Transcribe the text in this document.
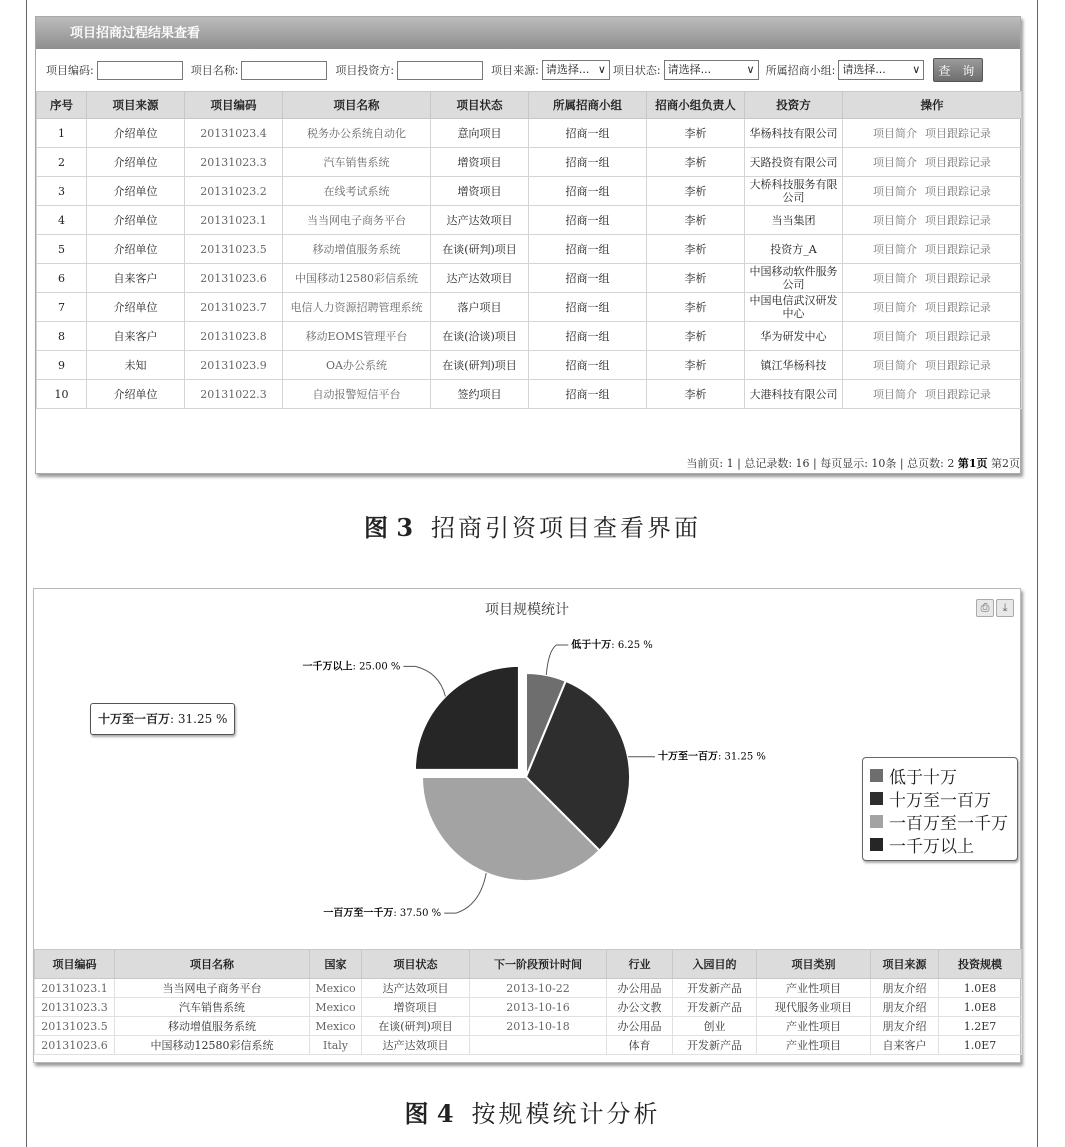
项目招商过程结果查看
项目编码:	项目名称:	项目投资方:	项目来源: 请选择... ∨ 项目状态: 请选择...	∨ 所属招商小组: 请选择... ∨	查 询
序号	项目来源	项目编码	项目名称	项目状态	所属招商小组	招商小组负责人	投资方	操作
1	介绍单位	20131023.4	税务办公系统自动化	意向项目	招商一组	李析	华杨科技有限公司	项目简介 项目跟踪记录
2	介绍单位	20131023.3	汽车销售系统	增资项目	招商一组	李析	天路投资有限公司	项目简介 项目跟踪记录
3	介绍单位	20131023.2	在线考试系统	增资项目	招商一组	李析	大桥科技服务有限公司	项目简介 项目跟踪记录
4	介绍单位	20131023.1	当当网电子商务平台	达产达效项目	招商一组	李析	当当集团	项目简介 项目跟踪记录
5	介绍单位	20131023.5	移动增值服务系统	在谈(研判)项目	招商一组	李析	投资方_A	项目简介 项目跟踪记录
6	自来客户	20131023.6	中国移动12580彩信系统	达产达效项目	招商一组	李析	中国移动软件服务公司	项目简介 项目跟踪记录
7	介绍单位	20131023.7	电信人力资源招聘管理系统	落户项目	招商一组	李析	中国电信武汉研发中心	项目简介 项目跟踪记录
8	自来客户	20131023.8	移动EOMS管理平台	在谈(洽谈)项目	招商一组	李析	华为研发中心	项目简介 项目跟踪记录
9	未知	20131023.9	OA办公系统	在谈(研判)项目	招商一组	李析	镇江华杨科技	项目简介 项目跟踪记录
10	介绍单位	20131022.3	自动报警短信平台	签约项目	招商一组	李析	大港科技有限公司	项目简介 项目跟踪记录
当前页: 1 | 总记录数: 16 | 每页显示: 10条 | 总页数: 2 第1页 第2页
图 3 招商引资项目查看界面
项目规模统计	⎙	⤓
低于十万: 6.25 %
十万至一百万: 31.25 %
一百万至一千万: 37.50 %
一千万以上: 25.00 %
十万至一百万: 31.25 %
低于十万
十万至一百万
一百万至一千万
一千万以上
项目编码	项目名称	国家	项目状态	下一阶段预计时间	行业	入园目的	项目类别	项目来源	投资规模
20131023.1	当当网电子商务平台	Mexico	达产达效项目	2013-10-22	办公用品	开发新产品	产业性项目	朋友介绍	1.0E8
20131023.3	汽车销售系统	Mexico	增资项目	2013-10-16	办公文教	开发新产品	现代服务业项目	朋友介绍	1.0E8
20131023.5	移动增值服务系统	Mexico	在谈(研判)项目	2013-10-18	办公用品	创业	产业性项目	朋友介绍	1.2E7
20131023.6	中国移动12580彩信系统	Italy	达产达效项目		体育	开发新产品	产业性项目	自来客户	1.0E7
图 4 按规模统计分析
